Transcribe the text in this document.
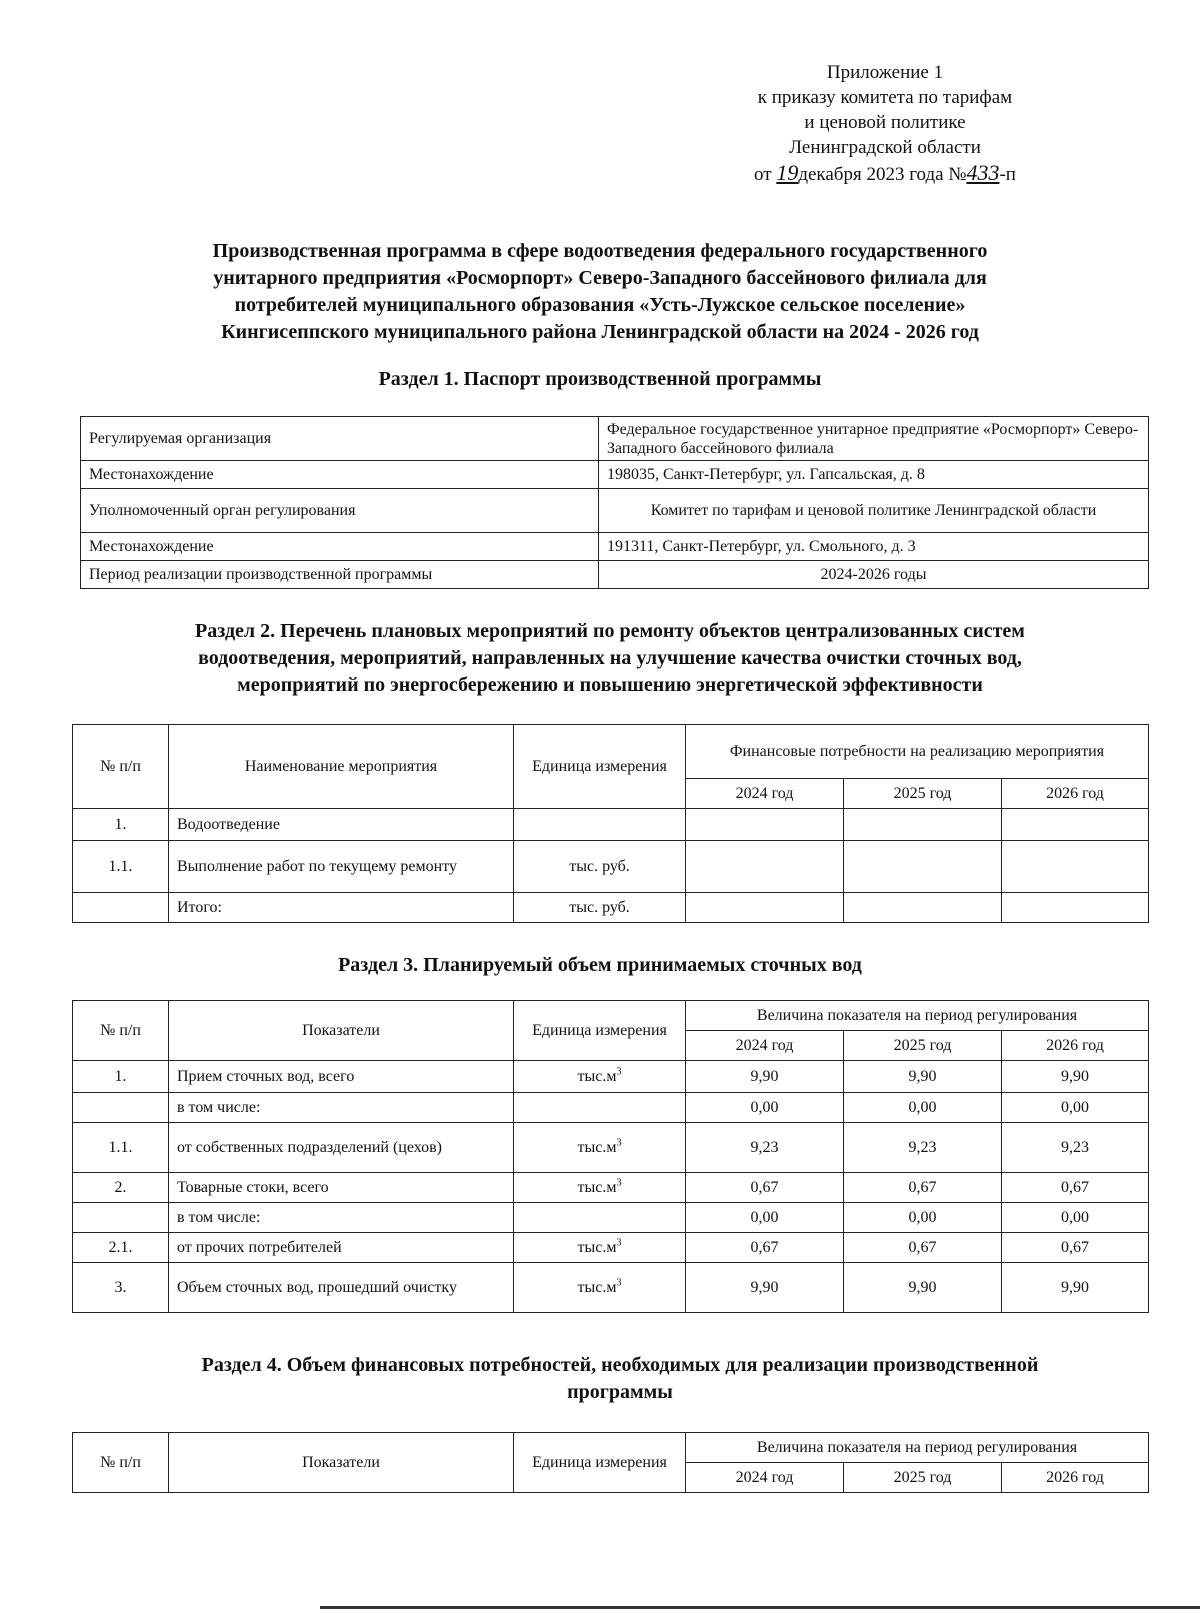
Приложение 1
к приказу комитета по тарифам
и ценовой политике
Ленинградской области
от 19декабря 2023 года №433-п
Производственная программа в сфере водоотведения федерального государственного
унитарного предприятия «Росморпорт» Северо-Западного бассейнового филиала для
потребителей муниципального образования «Усть-Лужское сельское поселение»
Кингисеппского муниципального района Ленинградской области на 2024 - 2026 год
Раздел 1. Паспорт производственной программы
Регулируемая организация	Федеральное государственное унитарное предприятие «Росморпорт» Северо-Западного бассейнового филиала
Местонахождение	198035, Санкт-Петербург, ул. Гапсальская, д. 8
Уполномоченный орган регулирования	Комитет по тарифам и ценовой политике Ленинградской области
Местонахождение	191311, Санкт-Петербург, ул. Смольного, д. 3
Период реализации производственной программы	2024-2026 годы
Раздел 2. Перечень плановых мероприятий по ремонту объектов централизованных систем
водоотведения, мероприятий, направленных на улучшение качества очистки сточных вод,
мероприятий по энергосбережению и повышению энергетической эффективности
№ п/п	Наименование мероприятия	Единица измерения	Финансовые потребности на реализацию мероприятия		
			2024 год	2025 год	2026 год
1.	Водоотведение				
1.1.	Выполнение работ по текущему ремонту	тыс. руб.			
	Итого:	тыс. руб.			
Раздел 3. Планируемый объем принимаемых сточных вод
№ п/п	Показатели	Единица измерения	Величина показателя на период регулирования		
			2024 год	2025 год	2026 год
1.	Прием сточных вод, всего	$тыс.м^3$	9,90	9,90	9,90
	в том числе:		0,00	0,00	0,00
1.1.	от собственных подразделений (цехов)	$тыс.м^3$	9,23	9,23	9,23
2.	Товарные стоки, всего	$тыс.м^3$	0,67	0,67	0,67
	в том числе:		0,00	0,00	0,00
2.1.	от прочих потребителей	$тыс.м^3$	0,67	0,67	0,67
3.	Объем сточных вод, прошедший очистку	$тыс.м^3$	9,90	9,90	9,90
Раздел 4. Объем финансовых потребностей, необходимых для реализации производственной
программы
№ п/п	Показатели	Единица измерения	Величина показателя на период регулирования		
			2024 год	2025 год	2026 год
